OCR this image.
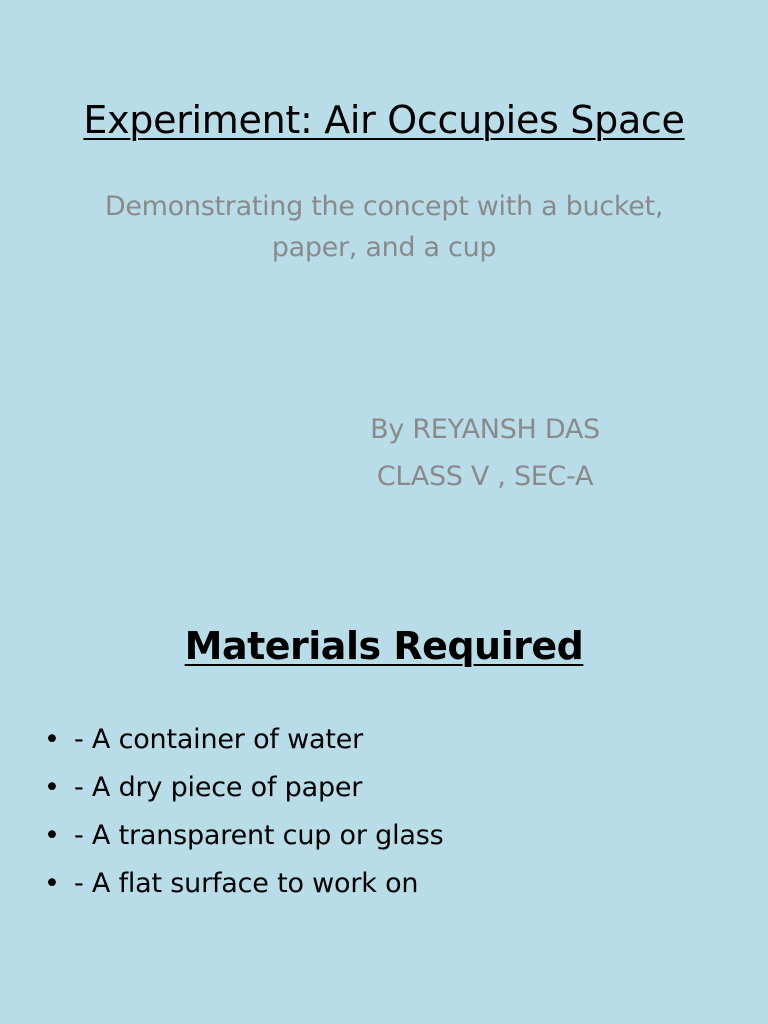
Experiment: Air Occupies Space
Demonstrating the concept with a bucket, paper, and a cup
By REYANSH DAS
CLASS V , SEC-A
Materials Required
• - A container of water
• - A dry piece of paper
• - A transparent cup or glass
• - A flat surface to work on
